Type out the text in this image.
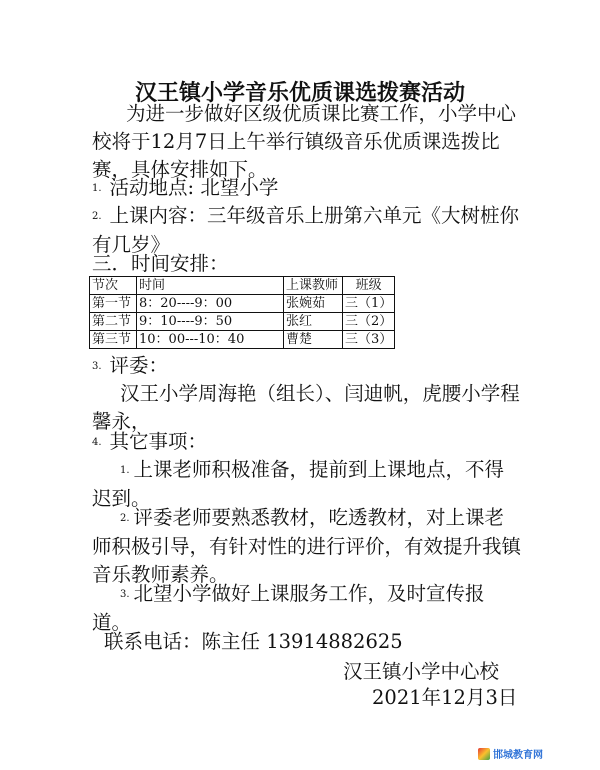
汉王镇小学音乐优质课选拨赛活动
为进一步做好区级优质课比赛工作，小学中心校将于12月7日上午举行镇级音乐优质课选拨比赛，具体安排如下。
1. 活动地点: 北望小学
2. 上课内容：三年级音乐上册第六单元《大树桩你有几岁》
三．时间安排：
节次	时间	上课教师	班级
第一节	8：20----9：00	张婉茹	三（1）
第二节	9：10----9：50	张红	三（2）
第三节	10：00---10：40	曹楚	三（3）
3. 评委：
汉王小学周海艳（组长）、闫迪帆，虎腰小学程馨永，
4. 其它事项：
1. 上课老师积极准备，提前到上课地点，不得迟到。
2. 评委老师要熟悉教材，吃透教材，对上课老师积极引导，有针对性的进行评价，有效提升我镇音乐教师素养。
3. 北望小学做好上课服务工作，及时宣传报道。
联系电话：陈主任 13914882625
汉王镇小学中心校
2021年12月3日
邯城教育网
